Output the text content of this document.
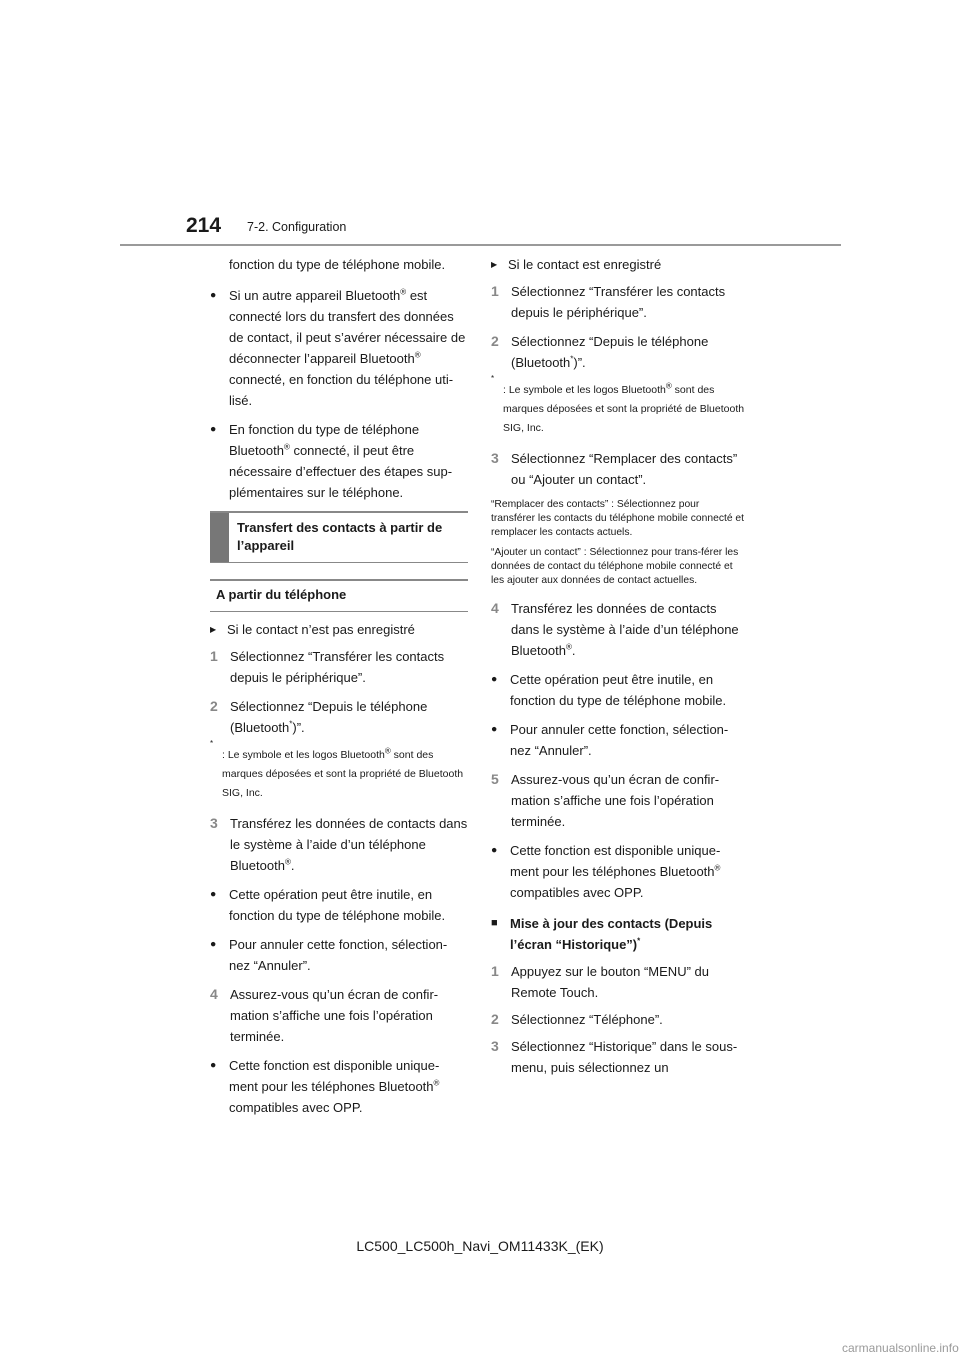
214 7-2. Configuration

fonction du type de téléphone mobile.

● Si un autre appareil Bluetooth® est connecté lors du transfert des données de contact, il peut s’avérer nécessaire de déconnecter l’appareil Bluetooth® connecté, en fonction du téléphone uti-lisé.
● En fonction du type de téléphone Bluetooth® connecté, il peut être nécessaire d’effectuer des étapes sup-plémentaires sur le téléphone.
Transfert des contacts à partir de l’appareil
A partir du téléphone
▶ Si le contact n’est pas enregistré
1 Sélectionnez “Transférer les contacts depuis le périphérique”.
2 Sélectionnez “Depuis le téléphone (Bluetooth*)”.
*
: Le symbole et les logos Bluetooth® sont des marques déposées et sont la propriété de Bluetooth SIG, Inc.
3 Transférez les données de contacts dans le système à l’aide d’un téléphone Bluetooth®.
● Cette opération peut être inutile, en fonction du type de téléphone mobile.
● Pour annuler cette fonction, sélection-nez “Annuler”.
4 Assurez-vous qu’un écran de confir-mation s’affiche une fois l’opération terminée.
● Cette fonction est disponible unique-ment pour les téléphones Bluetooth® compatibles avec OPP.
▶ Si le contact est enregistré
1 Sélectionnez “Transférer les contacts depuis le périphérique”.
2 Sélectionnez “Depuis le téléphone (Bluetooth*)”.
*
: Le symbole et les logos Bluetooth® sont des marques déposées et sont la propriété de Bluetooth SIG, Inc.
3 Sélectionnez “Remplacer des contacts” ou “Ajouter un contact”.

“Remplacer des contacts” : Sélectionnez pour transférer les contacts du téléphone mobile connecté et remplacer les contacts actuels.

“Ajouter un contact” : Sélectionnez pour trans-férer les données de contact du téléphone mobile connecté et les ajouter aux données de contact actuelles.

4 Transférez les données de contacts dans le système à l’aide d’un téléphone Bluetooth®.
● Cette opération peut être inutile, en fonction du type de téléphone mobile.
● Pour annuler cette fonction, sélection-nez “Annuler”.
5 Assurez-vous qu’un écran de confir-mation s’affiche une fois l’opération terminée.
● Cette fonction est disponible unique-ment pour les téléphones Bluetooth® compatibles avec OPP.
■ Mise à jour des contacts (Depuis l’écran “Historique”)*
1 Appuyez sur le bouton “MENU” du Remote Touch.
2 Sélectionnez “Téléphone”.
3 Sélectionnez “Historique” dans le sous-menu, puis sélectionnez un
LC500_LC500h_Navi_OM11433K_(EK)
carmanualsonline.info
